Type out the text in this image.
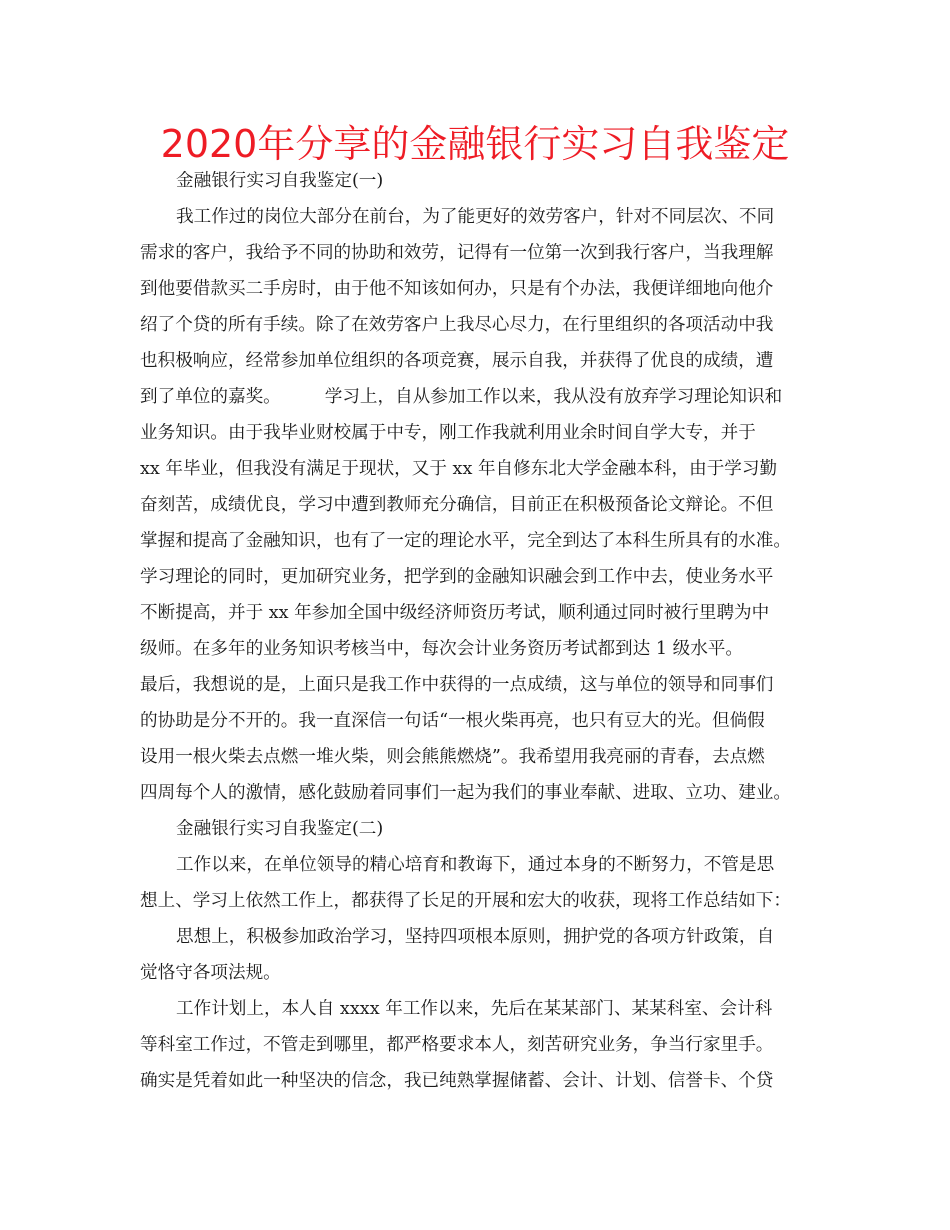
2020年分享的金融银行实习自我鉴定
金融银行实习自我鉴定(一)
我工作过的岗位大部分在前台，为了能更好的效劳客户，针对不同层次、不同
需求的客户，我给予不同的协助和效劳，记得有一位第一次到我行客户，当我理解
到他要借款买二手房时，由于他不知该如何办，只是有个办法，我便详细地向他介
绍了个贷的所有手续。除了在效劳客户上我尽心尽力，在行里组织的各项活动中我
也积极响应，经常参加单位组织的各项竞赛，展示自我，并获得了优良的成绩，遭
到了单位的嘉奖。　　　学习上，自从参加工作以来，我从没有放弃学习理论知识和
业务知识。由于我毕业财校属于中专，刚工作我就利用业余时间自学大专，并于
xx 年毕业，但我没有满足于现状，又于 xx 年自修东北大学金融本科，由于学习勤
奋刻苦，成绩优良，学习中遭到教师充分确信，目前正在积极预备论文辩论。不但
掌握和提高了金融知识，也有了一定的理论水平，完全到达了本科生所具有的水准。
学习理论的同时，更加研究业务，把学到的金融知识融会到工作中去，使业务水平
不断提高，并于 xx 年参加全国中级经济师资历考试，顺利通过同时被行里聘为中
级师。在多年的业务知识考核当中，每次会计业务资历考试都到达 1 级水平。
最后，我想说的是，上面只是我工作中获得的一点成绩，这与单位的领导和同事们
的协助是分不开的。我一直深信一句话“一根火柴再亮，也只有豆大的光。但倘假
设用一根火柴去点燃一堆火柴，则会熊熊燃烧”。我希望用我亮丽的青春，去点燃
四周每个人的激情，感化鼓励着同事们一起为我们的事业奉献、进取、立功、建业。
金融银行实习自我鉴定(二)
工作以来，在单位领导的精心培育和教诲下，通过本身的不断努力，不管是思
想上、学习上依然工作上，都获得了长足的开展和宏大的收获，现将工作总结如下：
思想上，积极参加政治学习，坚持四项根本原则，拥护党的各项方针政策，自
觉恪守各项法规。
工作计划上，本人自 xxxx 年工作以来，先后在某某部门、某某科室、会计科
等科室工作过，不管走到哪里，都严格要求本人，刻苦研究业务，争当行家里手。
确实是凭着如此一种坚决的信念，我已纯熟掌握储蓄、会计、计划、信誉卡、个贷
